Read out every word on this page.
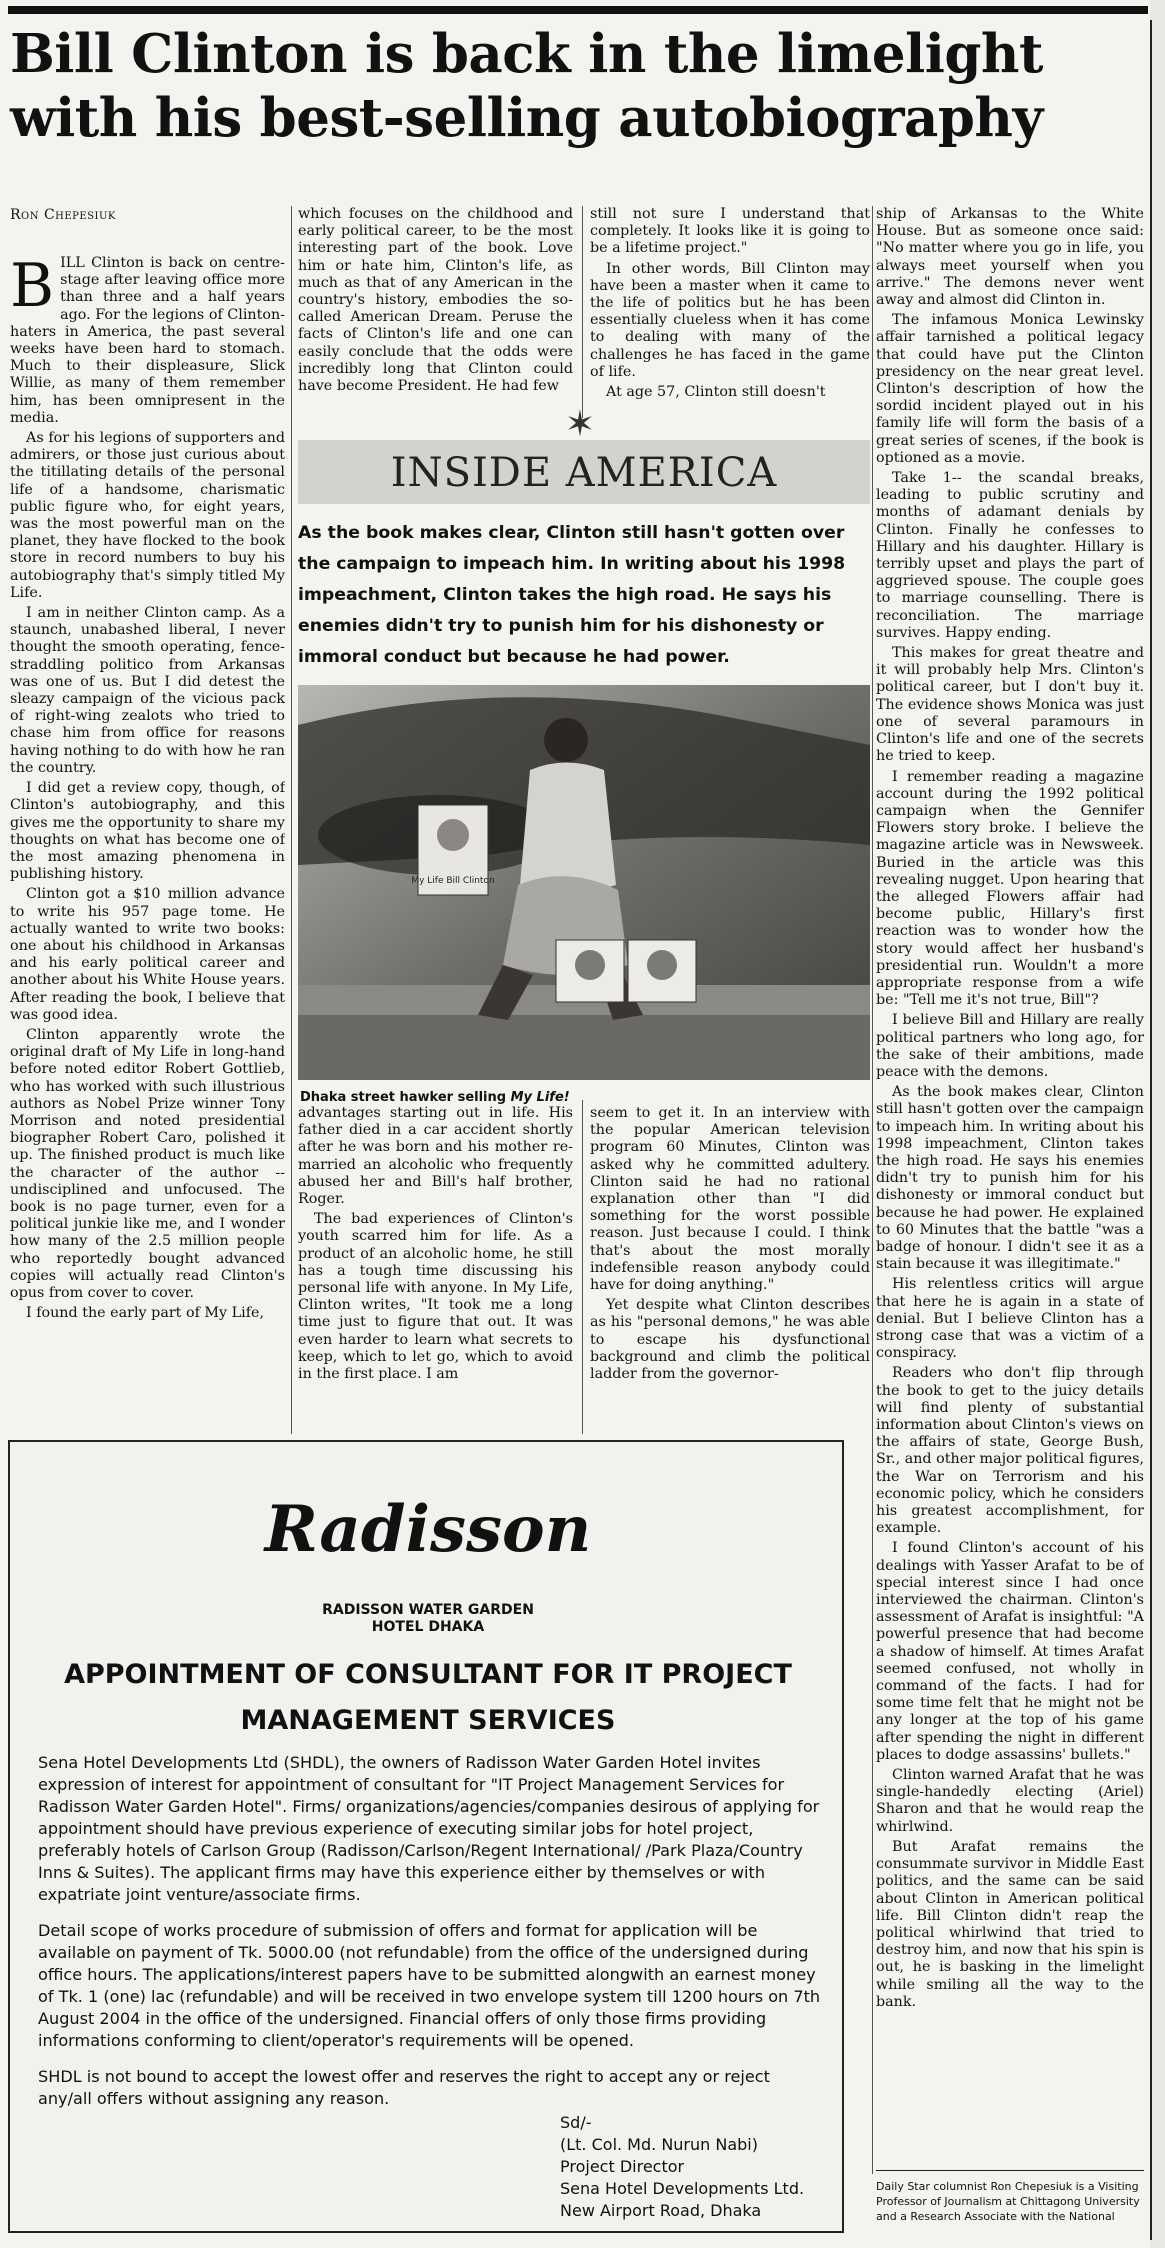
Bill Clinton is back in the limelight
with his best-selling autobiography
Ron Chepesiuk

BILL Clinton is back on centre-stage after leaving office more than three and a half years ago. For the legions of Clinton-haters in America, the past several weeks have been hard to stomach. Much to their displeasure, Slick Willie, as many of them remember him, has been omnipresent in the media.

As for his legions of supporters and admirers, or those just curious about the titillating details of the personal life of a handsome, charismatic public figure who, for eight years, was the most powerful man on the planet, they have flocked to the book store in record numbers to buy his autobiography that's simply titled My Life.

I am in neither Clinton camp. As a staunch, unabashed liberal, I never thought the smooth operating, fence-straddling politico from Arkansas was one of us. But I did detest the sleazy campaign of the vicious pack of right-wing zealots who tried to chase him from office for reasons having nothing to do with how he ran the country.

I did get a review copy, though, of Clinton's autobiography, and this gives me the opportunity to share my thoughts on what has become one of the most amazing phenomena in publishing history.

Clinton got a $10 million advance to write his 957 page tome. He actually wanted to write two books: one about his childhood in Arkansas and his early political career and another about his White House years. After reading the book, I believe that was good idea.

Clinton apparently wrote the original draft of My Life in long-hand before noted editor Robert Gottlieb, who has worked with such illustrious authors as Nobel Prize winner Tony Morrison and noted presidential biographer Robert Caro, polished it up. The finished product is much like the character of the author -- undisciplined and unfocused. The book is no page turner, even for a political junkie like me, and I wonder how many of the 2.5 million people who reportedly bought advanced copies will actually read Clinton's opus from cover to cover.

I found the early part of My Life,

which focuses on the childhood and early political career, to be the most interesting part of the book. Love him or hate him, Clinton's life, as much as that of any American in the country's history, embodies the so-called American Dream. Peruse the facts of Clinton's life and one can easily conclude that the odds were incredibly long that Clinton could have become President. He had few

still not sure I understand that completely. It looks like it is going to be a lifetime project."

In other words, Bill Clinton may have been a master when it came to the life of politics but he has been essentially clueless when it has come to dealing with many of the challenges he has faced in the game of life.

At age 57, Clinton still doesn't

✶
INSIDE AMERICA
As the book makes clear, Clinton still hasn't gotten over the campaign to impeach him. In writing about his 1998 impeachment, Clinton takes the high road. He says his enemies didn't try to punish him for his dishonesty or immoral conduct but because he had power.
My Life Bill Clinton
Dhaka street hawker selling My Life!

advantages starting out in life. His father died in a car accident shortly after he was born and his mother re-married an alcoholic who frequently abused her and Bill's half brother, Roger.

The bad experiences of Clinton's youth scarred him for life. As a product of an alcoholic home, he still has a tough time discussing his personal life with anyone. In My Life, Clinton writes, "It took me a long time just to figure that out. It was even harder to learn what secrets to keep, which to let go, which to avoid in the first place. I am

seem to get it. In an interview with the popular American television program 60 Minutes, Clinton was asked why he committed adultery. Clinton said he had no rational explanation other than "I did something for the worst possible reason. Just because I could. I think that's about the most morally indefensible reason anybody could have for doing anything."

Yet despite what Clinton describes as his "personal demons," he was able to escape his dysfunctional background and climb the political ladder from the governor-

ship of Arkansas to the White House. But as someone once said: "No matter where you go in life, you always meet yourself when you arrive." The demons never went away and almost did Clinton in.

The infamous Monica Lewinsky affair tarnished a political legacy that could have put the Clinton presidency on the near great level. Clinton's description of how the sordid incident played out in his family life will form the basis of a great series of scenes, if the book is optioned as a movie.

Take 1-- the scandal breaks, leading to public scrutiny and months of adamant denials by Clinton. Finally he confesses to Hillary and his daughter. Hillary is terribly upset and plays the part of aggrieved spouse. The couple goes to marriage counselling. There is reconciliation. The marriage survives. Happy ending.

This makes for great theatre and it will probably help Mrs. Clinton's political career, but I don't buy it. The evidence shows Monica was just one of several paramours in Clinton's life and one of the secrets he tried to keep.

I remember reading a magazine account during the 1992 political campaign when the Gennifer Flowers story broke. I believe the magazine article was in Newsweek. Buried in the article was this revealing nugget. Upon hearing that the alleged Flowers affair had become public, Hillary's first reaction was to wonder how the story would affect her husband's presidential run. Wouldn't a more appropriate response from a wife be: "Tell me it's not true, Bill"?

I believe Bill and Hillary are really political partners who long ago, for the sake of their ambitions, made peace with the demons.

As the book makes clear, Clinton still hasn't gotten over the campaign to impeach him. In writing about his 1998 impeachment, Clinton takes the high road. He says his enemies didn't try to punish him for his dishonesty or immoral conduct but because he had power. He explained to 60 Minutes that the battle "was a badge of honour. I didn't see it as a stain because it was illegitimate."

His relentless critics will argue that here he is again in a state of denial. But I believe Clinton has a strong case that was a victim of a conspiracy.

Readers who don't flip through the book to get to the juicy details will find plenty of substantial information about Clinton's views on the affairs of state, George Bush, Sr., and other major political figures, the War on Terrorism and his economic policy, which he considers his greatest accomplishment, for example.

I found Clinton's account of his dealings with Yasser Arafat to be of special interest since I had once interviewed the chairman. Clinton's assessment of Arafat is insightful: "A powerful presence that had become a shadow of himself. At times Arafat seemed confused, not wholly in command of the facts. I had for some time felt that he might not be any longer at the top of his game after spending the night in different places to dodge assassins' bullets."

Clinton warned Arafat that he was single-handedly electing (Ariel) Sharon and that he would reap the whirlwind.

But Arafat remains the consummate survivor in Middle East politics, and the same can be said about Clinton in American political life. Bill Clinton didn't reap the political whirlwind that tried to destroy him, and now that his spin is out, he is basking in the limelight while smiling all the way to the bank.

Daily Star columnist Ron Chepesiuk is a Visiting Professor of Journalism at Chittagong University and a Research Associate with the National
Radisson
RADISSON WATER GARDEN
HOTEL DHAKA
APPOINTMENT OF CONSULTANT FOR IT PROJECT
MANAGEMENT SERVICES

Sena Hotel Developments Ltd (SHDL), the owners of Radisson Water Garden Hotel invites expression of interest for appointment of consultant for "IT Project Management Services for Radisson Water Garden Hotel". Firms/ organizations/agencies/companies desirous of applying for appointment should have previous experience of executing similar jobs for hotel project, preferably hotels of Carlson Group (Radisson/Carlson/Regent International/ /Park Plaza/Country Inns & Suites). The applicant firms may have this experience either by themselves or with expatriate joint venture/associate firms.

Detail scope of works procedure of submission of offers and format for application will be available on payment of Tk. 5000.00 (not refundable) from the office of the undersigned during office hours. The applications/interest papers have to be submitted alongwith an earnest money of Tk. 1 (one) lac (refundable) and will be received in two envelope system till 1200 hours on 7th August 2004 in the office of the undersigned. Financial offers of only those firms providing informations conforming to client/operator's requirements will be opened.

SHDL is not bound to accept the lowest offer and reserves the right to accept any or reject any/all offers without assigning any reason.

Sd/-
(Lt. Col. Md. Nurun Nabi)
Project Director
Sena Hotel Developments Ltd.
New Airport Road, Dhaka
